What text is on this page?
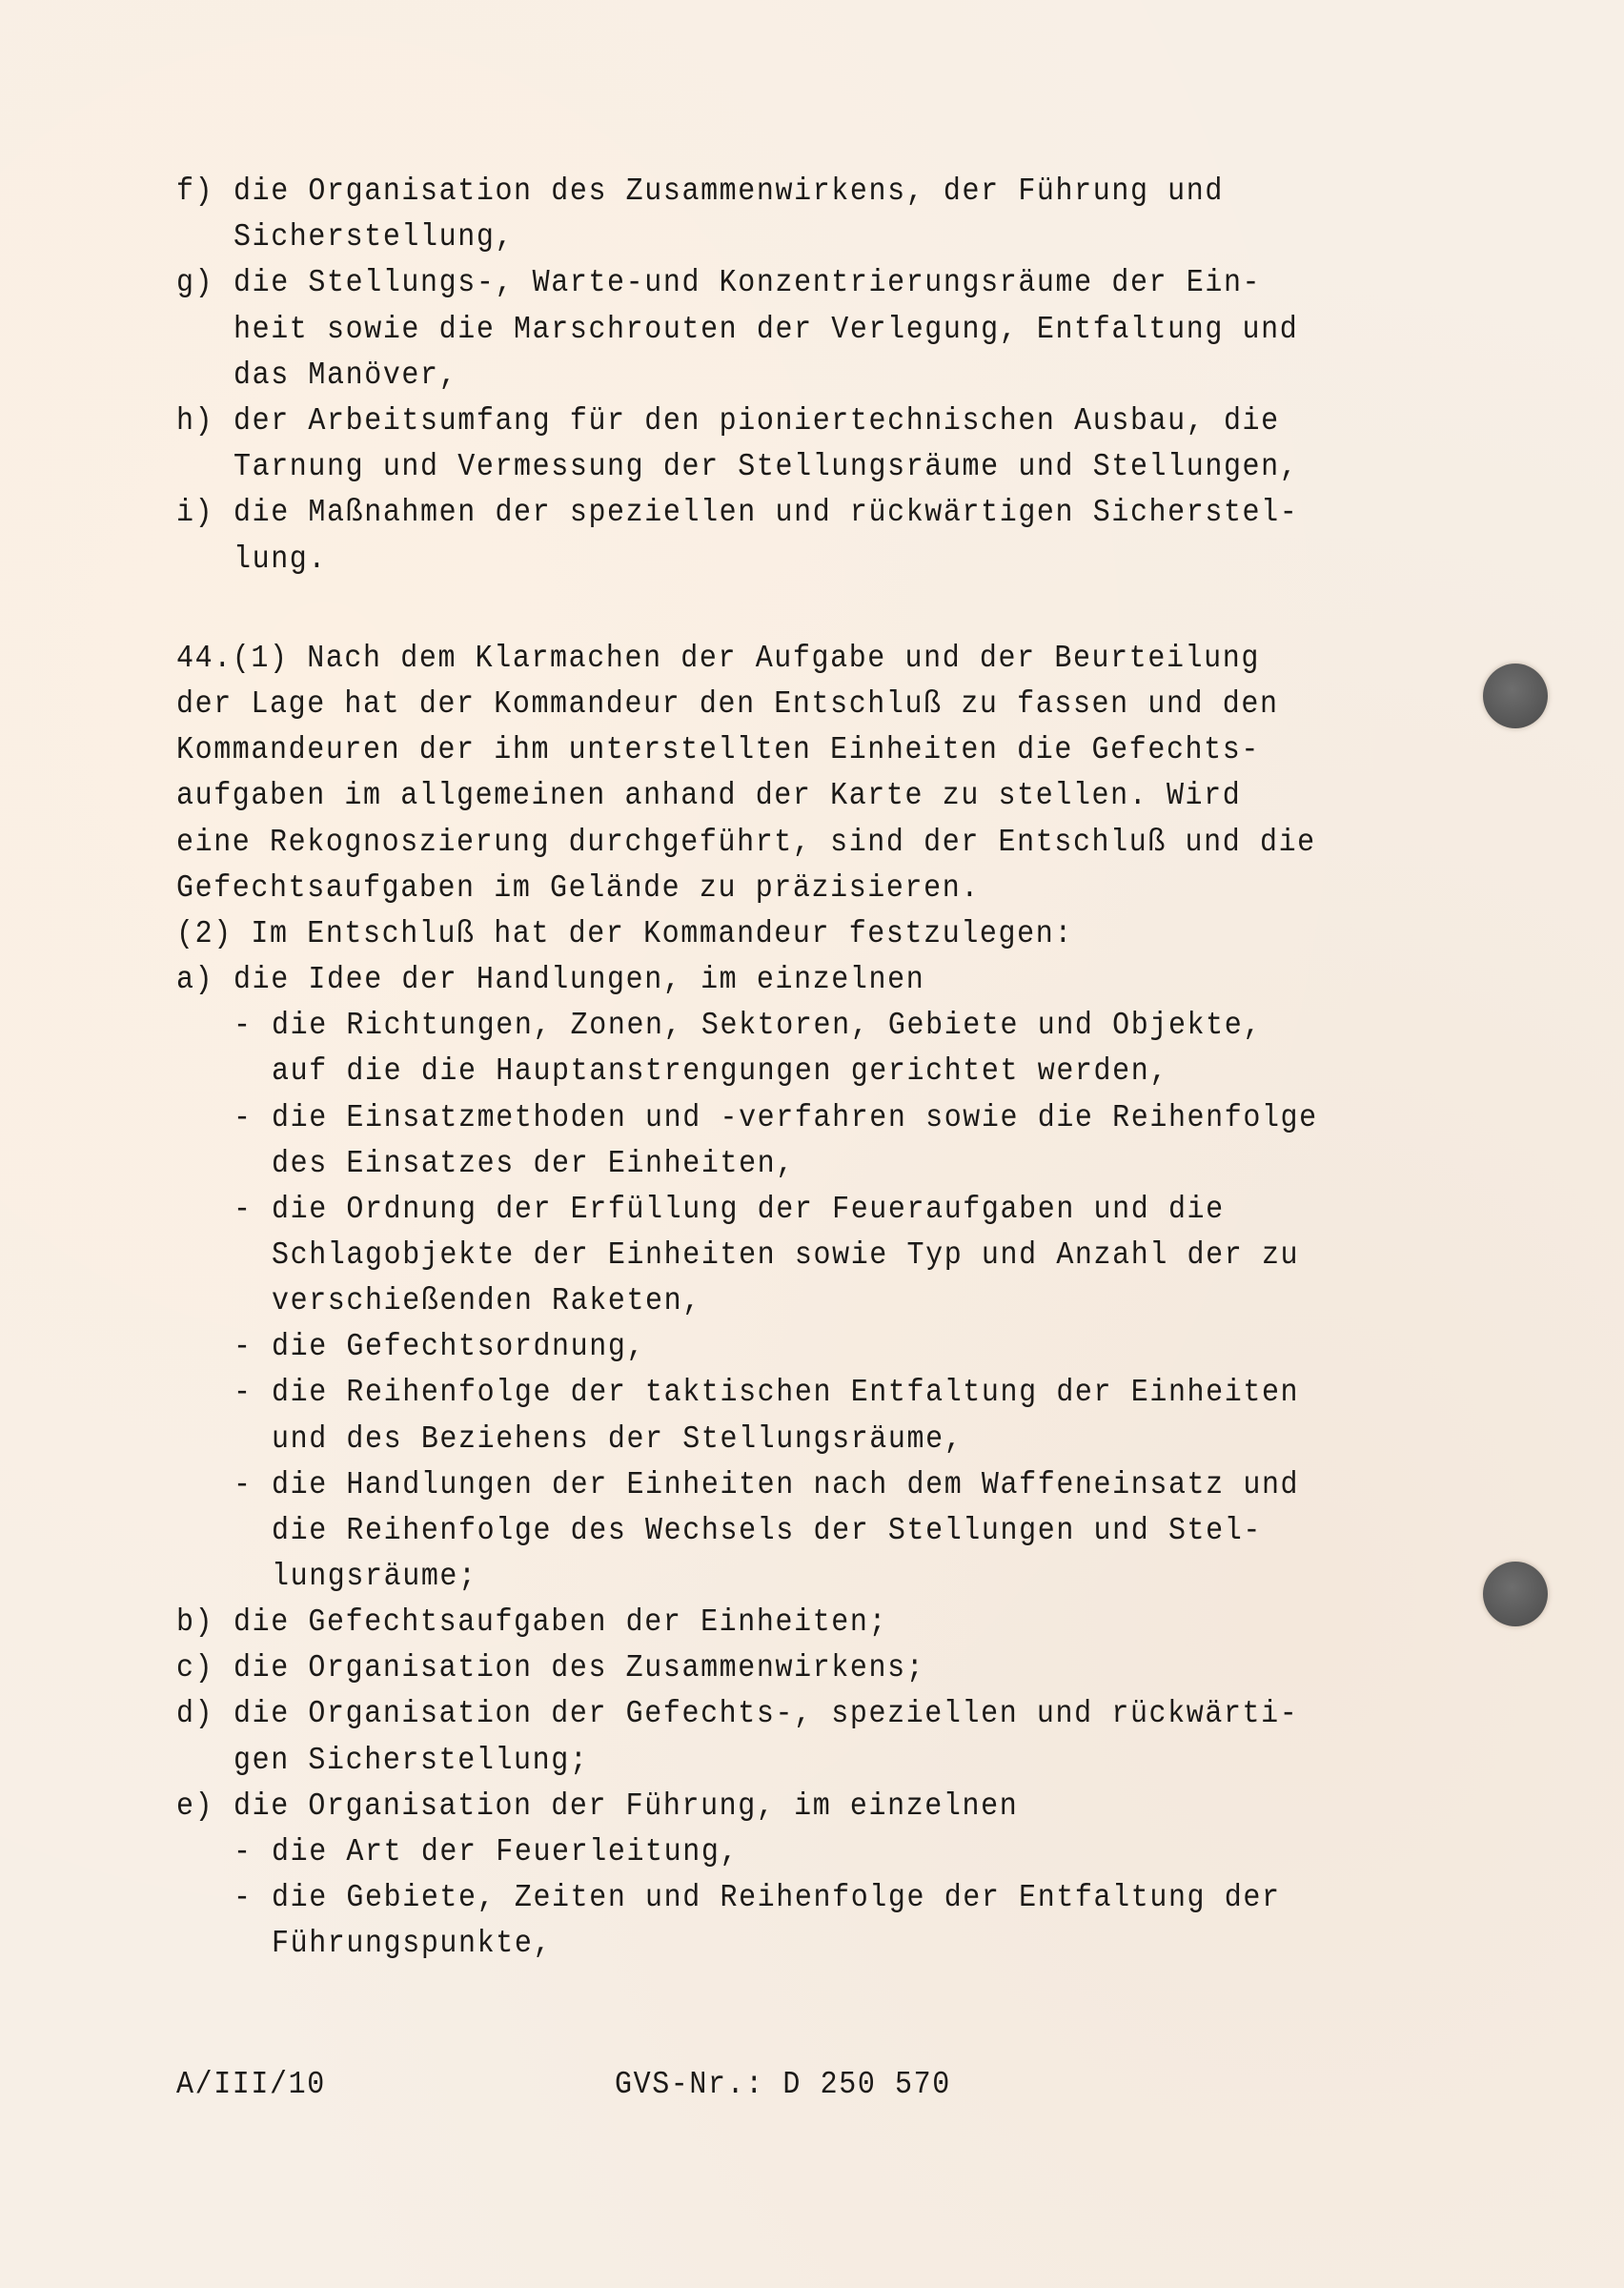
f) die Organisation des Zusammenwirkens, der Führung und
Sicherstellung,
g) die Stellungs-, Warte-und Konzentrierungsräume der Ein-
heit sowie die Marschrouten der Verlegung, Entfaltung und
das Manöver,
h) der Arbeitsumfang für den pioniertechnischen Ausbau, die
Tarnung und Vermessung der Stellungsräume und Stellungen,
i) die Maßnahmen der speziellen und rückwärtigen Sicherstel-
lung.
44.(1) Nach dem Klarmachen der Aufgabe und der Beurteilung
der Lage hat der Kommandeur den Entschluß zu fassen und den
Kommandeuren der ihm unterstellten Einheiten die Gefechts-
aufgaben im allgemeinen anhand der Karte zu stellen. Wird
eine Rekognoszierung durchgeführt, sind der Entschluß und die
Gefechtsaufgaben im Gelände zu präzisieren.
(2) Im Entschluß hat der Kommandeur festzulegen:
a) die Idee der Handlungen, im einzelnen
- die Richtungen, Zonen, Sektoren, Gebiete und Objekte,
auf die die Hauptanstrengungen gerichtet werden,
- die Einsatzmethoden und -verfahren sowie die Reihenfolge
des Einsatzes der Einheiten,
- die Ordnung der Erfüllung der Feueraufgaben und die
Schlagobjekte der Einheiten sowie Typ und Anzahl der zu
verschießenden Raketen,
- die Gefechtsordnung,
- die Reihenfolge der taktischen Entfaltung der Einheiten
und des Beziehens der Stellungsräume,
- die Handlungen der Einheiten nach dem Waffeneinsatz und
die Reihenfolge des Wechsels der Stellungen und Stel-
lungsräume;
b) die Gefechtsaufgaben der Einheiten;
c) die Organisation des Zusammenwirkens;
d) die Organisation der Gefechts-, speziellen und rückwärti-
gen Sicherstellung;
e) die Organisation der Führung, im einzelnen
- die Art der Feuerleitung,
- die Gebiete, Zeiten und Reihenfolge der Entfaltung der
Führungspunkte,
A/III/10	GVS-Nr.: D 250 570
